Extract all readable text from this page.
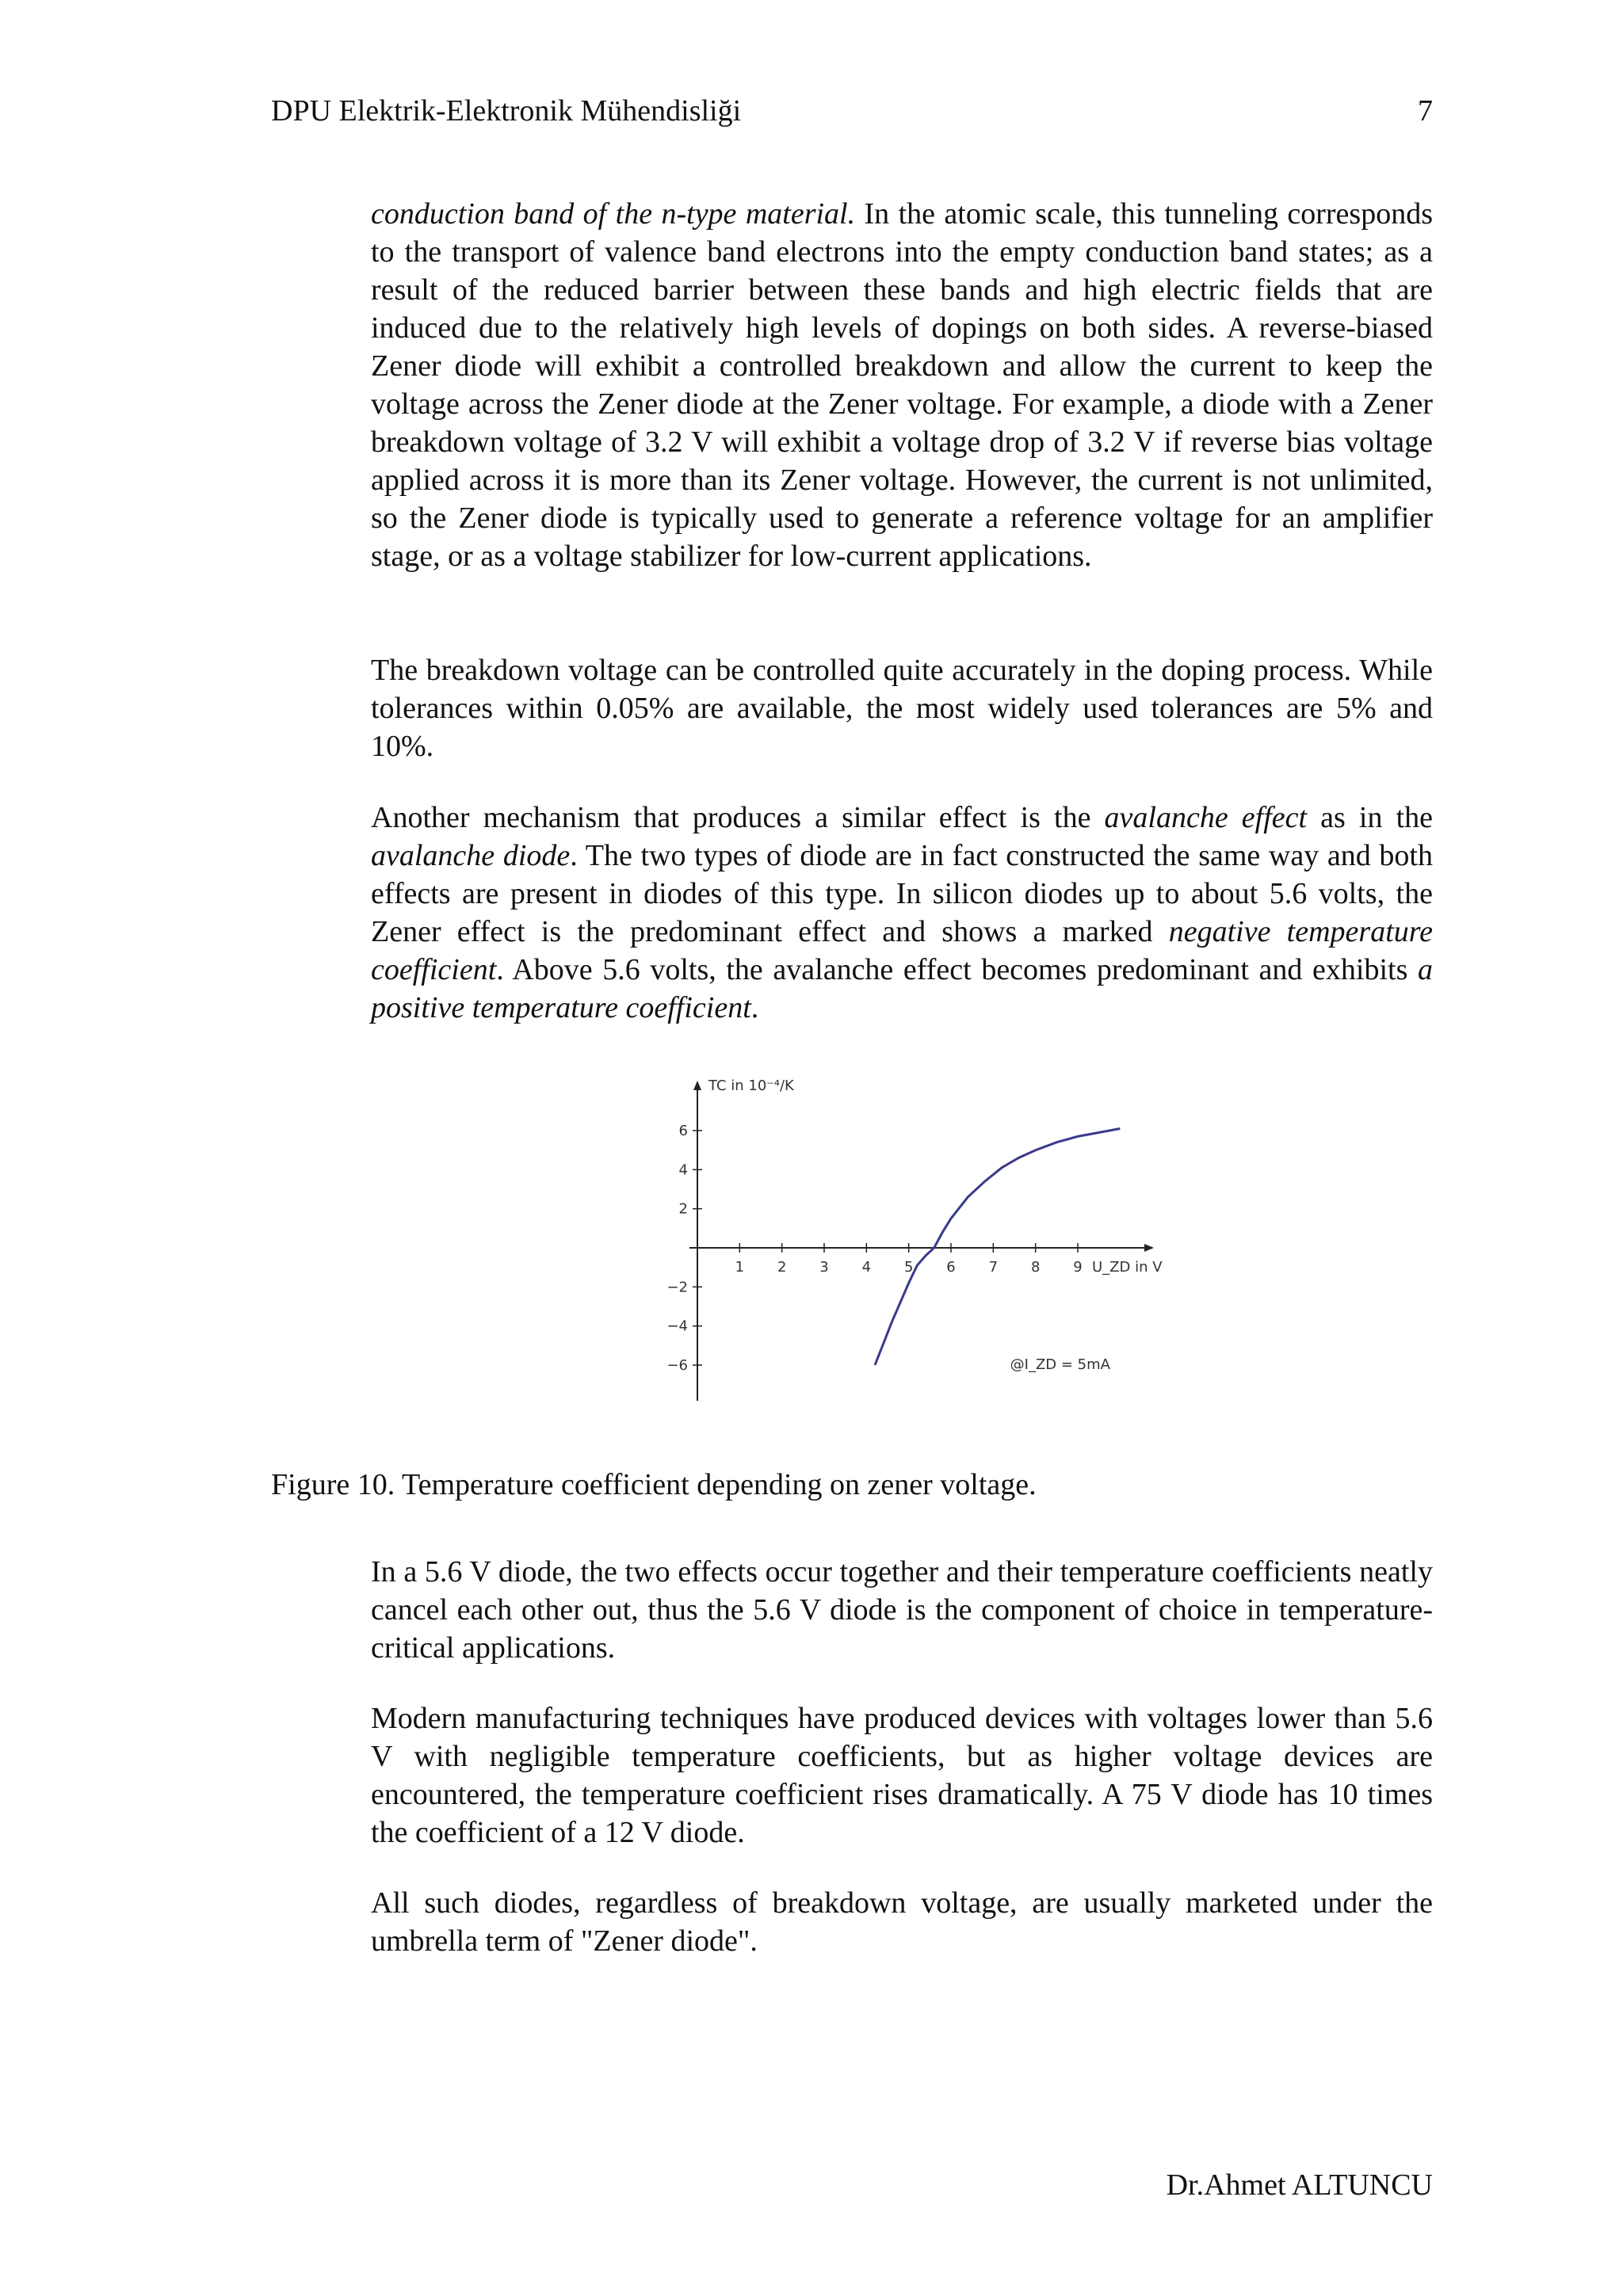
DPU Elektrik-Elektronik Mühendisliği	7

conduction band of the n-type material. In the atomic scale, this tunneling corresponds to the transport of valence band electrons into the empty conduction band states; as a result of the reduced barrier between these bands and high electric fields that are induced due to the relatively high levels of dopings on both sides. A reverse-biased Zener diode will exhibit a controlled breakdown and allow the current to keep the voltage across the Zener diode at the Zener voltage. For example, a diode with a Zener breakdown voltage of 3.2 V will exhibit a voltage drop of 3.2 V if reverse bias voltage applied across it is more than its Zener voltage. However, the current is not unlimited, so the Zener diode is typically used to generate a reference voltage for an amplifier stage, or as a voltage stabilizer for low-current applications.

The breakdown voltage can be controlled quite accurately in the doping process. While tolerances within 0.05% are available, the most widely used tolerances are 5% and 10%.

Another mechanism that produces a similar effect is the avalanche effect as in the avalanche diode. The two types of diode are in fact constructed the same way and both effects are present in diodes of this type. In silicon diodes up to about 5.6 volts, the Zener effect is the predominant effect and shows a marked negative temperature coefficient. Above 5.6 volts, the avalanche effect becomes predominant and exhibits a positive temperature coefficient.

1 2 3 4 5 6 7 8 9
6
4
2
−2
−4
−6
TC in 10⁻⁴/K
U_ZD in V
@I_ZD = 5mA
Figure 10. Temperature coefficient depending on zener voltage.

In a 5.6 V diode, the two effects occur together and their temperature coefficients neatly cancel each other out, thus the 5.6 V diode is the component of choice in temperature-critical applications.

Modern manufacturing techniques have produced devices with voltages lower than 5.6 V with negligible temperature coefficients, but as higher voltage devices are encountered, the temperature coefficient rises dramatically. A 75 V diode has 10 times the coefficient of a 12 V diode.

All such diodes, regardless of breakdown voltage, are usually marketed under the umbrella term of "Zener diode".

Dr.Ahmet ALTUNCU
